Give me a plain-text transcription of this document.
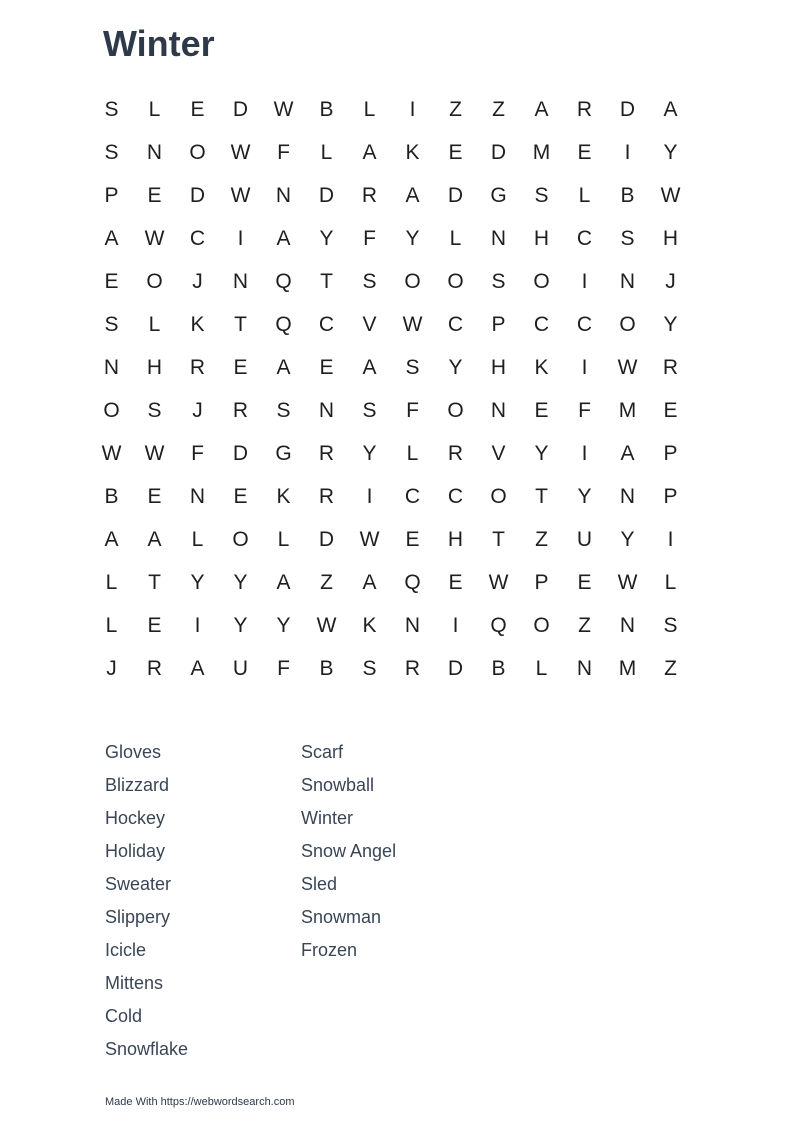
Winter
S	L	E	D	W	B	L	I	Z	Z	A	R	D	A
S	N	O	W	F	L	A	K	E	D	M	E	I	Y
P	E	D	W	N	D	R	A	D	G	S	L	B	W
A	W	C	I	A	Y	F	Y	L	N	H	C	S	H
E	O	J	N	Q	T	S	O	O	S	O	I	N	J
S	L	K	T	Q	C	V	W	C	P	C	C	O	Y
N	H	R	E	A	E	A	S	Y	H	K	I	W	R
O	S	J	R	S	N	S	F	O	N	E	F	M	E
W	W	F	D	G	R	Y	L	R	V	Y	I	A	P
B	E	N	E	K	R	I	C	C	O	T	Y	N	P
A	A	L	O	L	D	W	E	H	T	Z	U	Y	I
L	T	Y	Y	A	Z	A	Q	E	W	P	E	W	L
L	E	I	Y	Y	W	K	N	I	Q	O	Z	N	S
J	R	A	U	F	B	S	R	D	B	L	N	M	Z
Gloves
Blizzard
Hockey
Holiday
Sweater
Slippery
Icicle
Mittens
Cold
Snowflake
Scarf
Snowball
Winter
Snow Angel
Sled
Snowman
Frozen
Made With https://webwordsearch.com
